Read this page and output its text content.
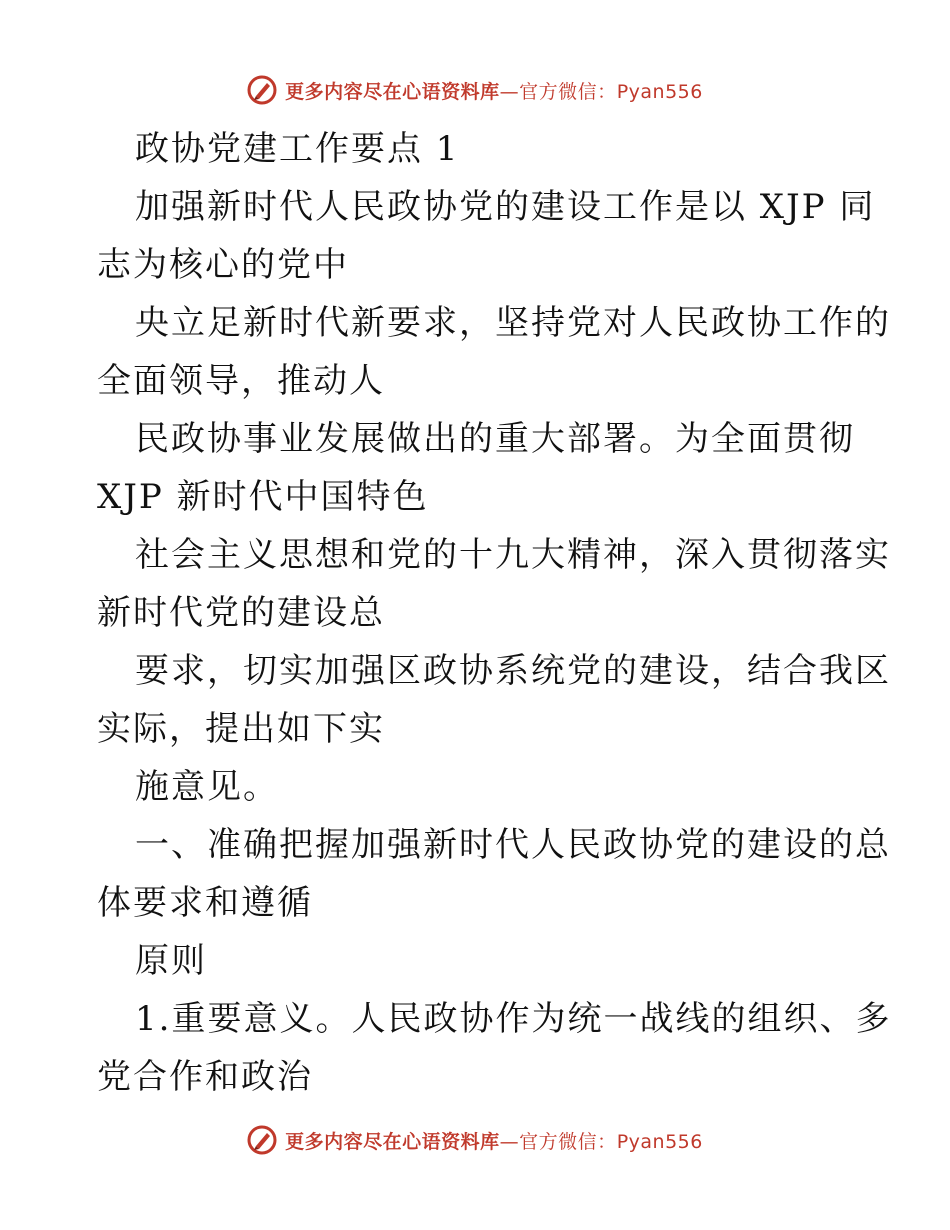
更多内容尽在心语资料库—官方微信：Pyan556
政协党建工作要点 1
加强新时代人民政协党的建设工作是以 XJP 同
志为核心的党中
央立足新时代新要求，坚持党对人民政协工作的
全面领导，推动人
民政协事业发展做出的重大部署。为全面贯彻
XJP 新时代中国特色
社会主义思想和党的十九大精神，深入贯彻落实
新时代党的建设总
要求，切实加强区政协系统党的建设，结合我区
实际，提出如下实
施意见。
一、准确把握加强新时代人民政协党的建设的总
体要求和遵循
原则
1.重要意义。人民政协作为统一战线的组织、多
党合作和政治
更多内容尽在心语资料库—官方微信：Pyan556
